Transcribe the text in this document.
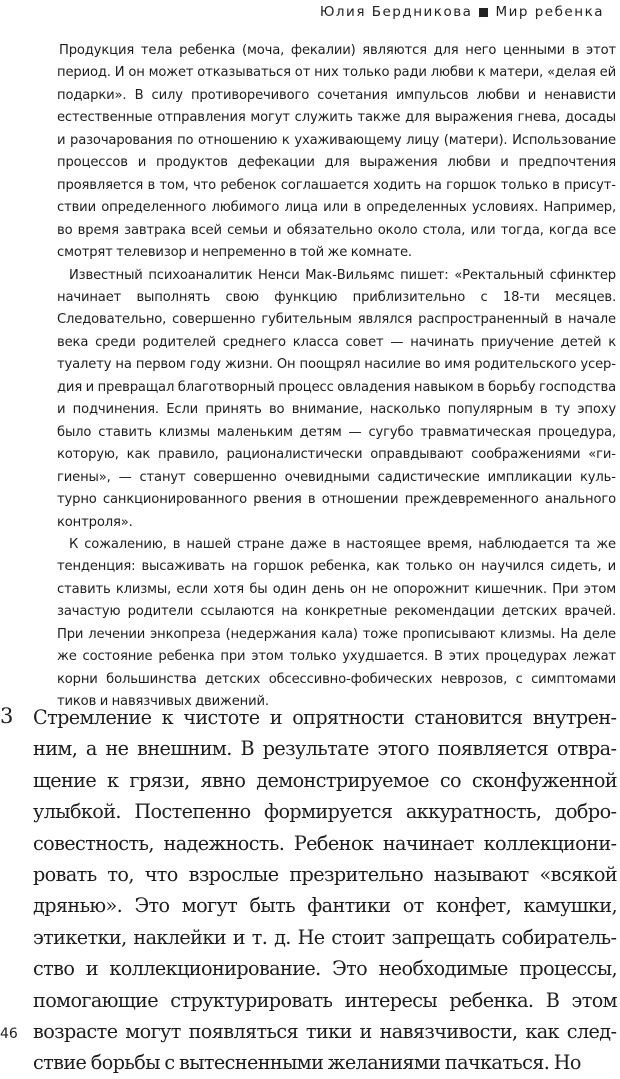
Юлия Бердникова Мир ребенка

Продукция тела ребенка (моча, фекалии) являются для него ценными в этот период. И он может отказываться от них только ради любви к матери, «делая ей подарки». В силу противоречивого сочетания импульсов любви и ненависти естественные отправления могут служить также для выражения гнева, досады и разочарования по отношению к ухаживающему лицу (матери). Использование процессов и продуктов дефекации для выражения любви и предпочтения проявляется в том, что ребенок соглашается ходить на горшок только в присутствии определенного любимого лица или в определенных условиях. Например, во время завтрака всей семьи и обязательно около стола, или тогда, когда все смотрят телевизор и непременно в той же комнате.

Известный психоаналитик Ненси Мак-Вильямс пишет: «Ректальный сфинктер начинает выполнять свою функцию приблизительно с 18-ти месяцев. Следовательно, совершенно губительным являлся распространенный в начале века среди родителей среднего класса совет — начинать приучение детей к туалету на первом году жизни. Он поощрял насилие во имя родительского усердия и превращал благотворный процесс овладения навыком в борьбу господства и подчинения. Если принять во внимание, насколько популярным в ту эпоху было ставить клизмы маленьким детям — сугубо травматическая процедура, которую, как правило, рационалистически оправдывают соображениями «гигиены», — станут совершенно очевидными садистические импликации культурно санкционированного рвения в отношении преждевременного анального контроля».

К сожалению, в нашей стране даже в настоящее время, наблюдается та же тенденция: высаживать на горшок ребенка, как только он научился сидеть, и ставить клизмы, если хотя бы один день он не опорожнит кишечник. При этом зачастую родители ссылаются на конкретные рекомендации детских врачей. При лечении энкопреза (недержания кала) тоже прописывают клизмы. На деле же состояние ребенка при этом только ухудшается. В этих процедурах лежат корни большинства детских обсессивно-фобических неврозов, с симптомами тиков и навязчивых движений.

3 Стремление к чистоте и опрятности становится внутренним, а не внешним. В результате этого появляется отвращение к грязи, явно демонстрируемое со сконфуженной улыбкой. Постепенно формируется аккуратность, добросовестность, надежность. Ребенок начинает коллекционировать то, что взрослые презрительно называют «всякой дрянью». Это могут быть фантики от конфет, камушки, этикетки, наклейки и т. д. Не стоит запрещать собирательство и коллекционирование. Это необходимые процессы, помогающие структурировать интересы ребенка. В этом возрасте могут появляться тики и навязчивости, как следствие борьбы с вытесненными желаниями пачкаться. Но

46
